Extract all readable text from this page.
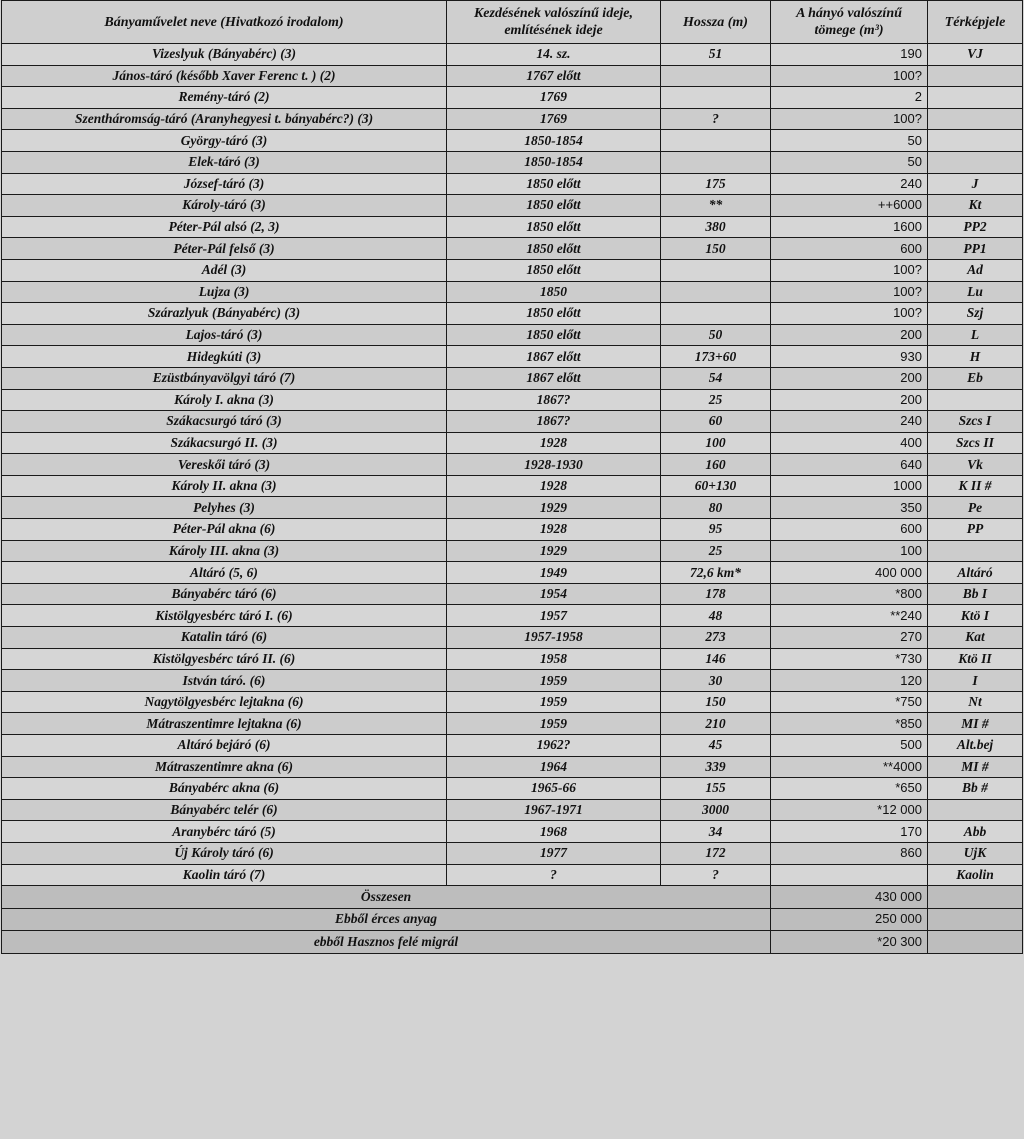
Bányaművelet neve (Hivatkozó irodalom)	Kezdésének valószínű ideje, említésének ideje	Hossza (m)	A hányó valószínű tömege (m³)	Térképjele
Vizeslyuk (Bányabérc) (3)	14. sz.	51	190	VJ
János-táró (később Xaver Ferenc t. ) (2)	1767 előtt		100?	
Remény-táró (2)	1769		2	
Szentháromság-táró (Aranyhegyesi t. bányabérc?) (3)	1769	?	100?	
György-táró (3)	1850-1854		50	
Elek-táró (3)	1850-1854		50	
József-táró (3)	1850 előtt	175	240	J
Károly-táró (3)	1850 előtt	**	++6000	Kt
Péter-Pál alsó (2, 3)	1850 előtt	380	1600	PP2
Péter-Pál felső (3)	1850 előtt	150	600	PP1
Adél (3)	1850 előtt		100?	Ad
Lujza (3)	1850		100?	Lu
Szárazlyuk (Bányabérc) (3)	1850 előtt		100?	Szj
Lajos-táró (3)	1850 előtt	50	200	L
Hidegkúti (3)	1867 előtt	173+60	930	H
Ezüstbányavölgyi táró (7)	1867 előtt	54	200	Eb
Károly I. akna (3)	1867?	25	200	
Szákacsurgó táró (3)	1867?	60	240	Szcs I
Szákacsurgó II. (3)	1928	100	400	Szcs II
Vereskői táró (3)	1928-1930	160	640	Vk
Károly II. akna (3)	1928	60+130	1000	K II #
Pelyhes (3)	1929	80	350	Pe
Péter-Pál akna (6)	1928	95	600	PP
Károly III. akna (3)	1929	25	100	
Altáró (5, 6)	1949	72,6 km*	400 000	Altáró
Bányabérc táró (6)	1954	178	*800	Bb I
Kistölgyesbérc táró I. (6)	1957	48	**240	Ktö I
Katalin táró (6)	1957-1958	273	270	Kat
Kistölgyesbérc táró II. (6)	1958	146	*730	Ktö II
István táró. (6)	1959	30	120	I
Nagytölgyesbérc lejtakna (6)	1959	150	*750	Nt
Mátraszentimre lejtakna (6)	1959	210	*850	MI #
Altáró bejáró (6)	1962?	45	500	Alt.bej
Mátraszentimre akna (6)	1964	339	**4000	MI #
Bányabérc akna (6)	1965-66	155	*650	Bb #
Bányabérc telér (6)	1967-1971	3000	*12 000	
Aranybérc táró (5)	1968	34	170	Abb
Új Károly táró (6)	1977	172	860	UjK
Kaolin táró (7)	?	?		Kaolin
Összesen			430 000	
Ebből érces anyag			250 000	
ebből Hasznos felé migrál			*20 300	
